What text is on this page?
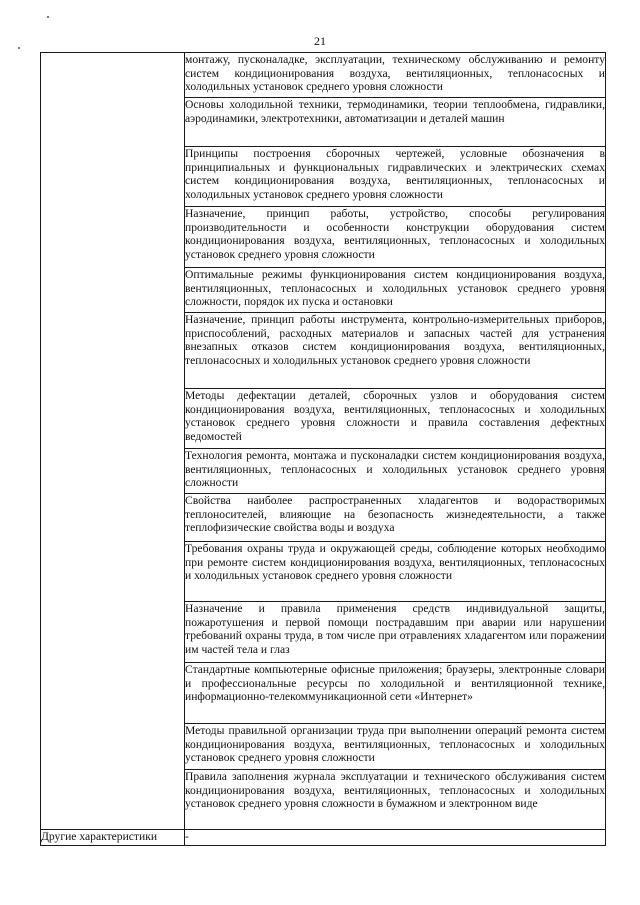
21
	монтажу, пусконаладке, эксплуатации, техническому обслуживанию и ремонту систем кондиционирования воздуха, вентиляционных, теплонасосных и холодильных установок среднего уровня сложности
	Основы холодильной техники, термодинамики, теории теплообмена, гидравлики, аэродинамики, электротехники, автоматизации и деталей машин
	Принципы построения сборочных чертежей, условные обозначения в принципиальных и функциональных гидравлических и электрических схемах систем кондиционирования воздуха, вентиляционных, теплонасосных и холодильных установок среднего уровня сложности
	Назначение, принцип работы, устройство, способы регулирования производительности и особенности конструкции оборудования систем кондиционирования воздуха, вентиляционных, теплонасосных и холодильных установок среднего уровня сложности
	Оптимальные режимы функционирования систем кондиционирования воздуха, вентиляционных, теплонасосных и холодильных установок среднего уровня сложности, порядок их пуска и остановки
	Назначение, принцип работы инструмента, контрольно-измерительных приборов, приспособлений, расходных материалов и запасных частей для устранения внезапных отказов систем кондиционирования воздуха, вентиляционных, теплонасосных и холодильных установок среднего уровня сложности
	Методы дефектации деталей, сборочных узлов и оборудования систем кондиционирования воздуха, вентиляционных, теплонасосных и холодильных установок среднего уровня сложности и правила составления дефектных ведомостей
	Технология ремонта, монтажа и пусконаладки систем кондиционирования воздуха, вентиляционных, теплонасосных и холодильных установок среднего уровня сложности
	Свойства наиболее распространенных хладагентов и водорастворимых теплоносителей, влияющие на безопасность жизнедеятельности, а также теплофизические свойства воды и воздуха
	Требования охраны труда и окружающей среды, соблюдение которых необходимо при ремонте систем кондиционирования воздуха, вентиляционных, теплонасосных и холодильных установок среднего уровня сложности
	Назначение и правила применения средств индивидуальной защиты, пожаротушения и первой помощи пострадавшим при аварии или нарушении требований охраны труда, в том числе при отравлениях хладагентом или поражении им частей тела и глаз
	Стандартные компьютерные офисные приложения; браузеры, электронные словари и профессиональные ресурсы по холодильной и вентиляционной технике, информационно-телекоммуникационной сети «Интернет»
	Методы правильной организации труда при выполнении операций ремонта систем кондиционирования воздуха, вентиляционных, теплонасосных и холодильных установок среднего уровня сложности
	Правила заполнения журнала эксплуатации и технического обслуживания систем кондиционирования воздуха, вентиляционных, теплонасосных и холодильных установок среднего уровня сложности в бумажном и электронном виде
Другие характеристики	-
